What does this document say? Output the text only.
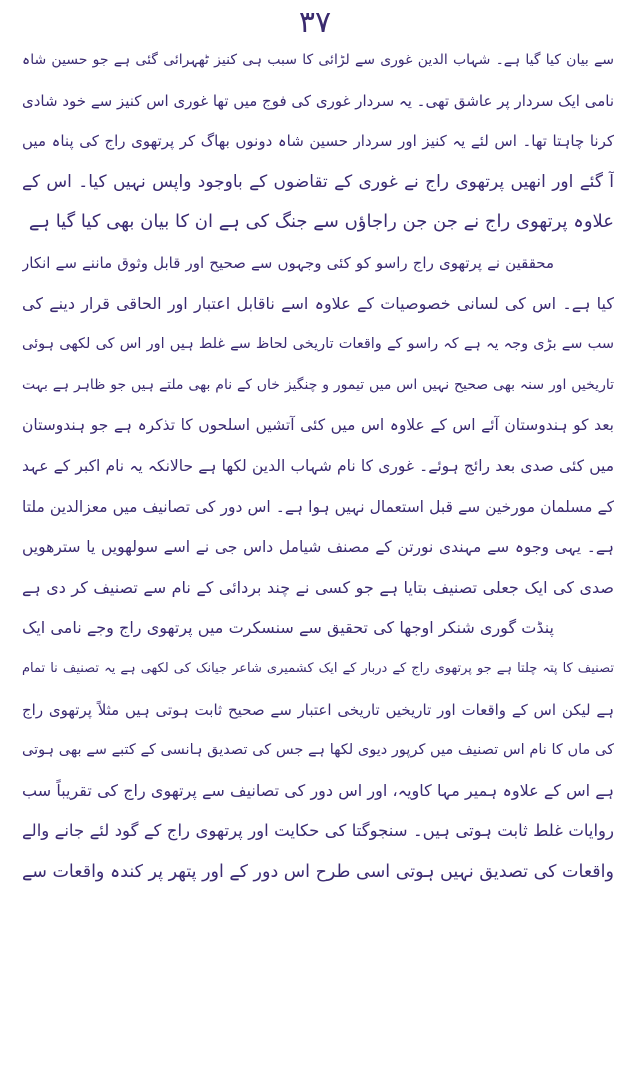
۳۷
سے بیان کیا گیا ہے۔ شہاب الدین غوری سے لڑائی کا سبب ہی کنیز ٹھہرائی گئی ہے جو حسین شاہ
نامی ایک سردار پر عاشق تھی۔ یہ سردار غوری کی فوج میں تھا غوری اس کنیز سے خود شادی
کرنا چاہتا تھا۔ اس لئے یہ کنیز اور سردار حسین شاہ دونوں بھاگ کر پرتھوی راج کی پناہ میں
آ گئے اور انھیں پرتھوی راج نے غوری کے تقاضوں کے باوجود واپس نہیں کیا۔ اس کے
علاوہ پرتھوی راج نے جن جن راجاؤں سے جنگ کی ہے ان کا بیان بھی کیا گیا ہے
محققین نے پرتھوی راج راسو کو کئی وجہوں سے صحیح اور قابل وثوق ماننے سے انکار
کیا ہے۔ اس کی لسانی خصوصیات کے علاوہ اسے ناقابل اعتبار اور الحاقی قرار دینے کی
سب سے بڑی وجہ یہ ہے کہ راسو کے واقعات تاریخی لحاظ سے غلط ہیں اور اس کی لکھی ہوئی
تاریخیں اور سنہ بھی صحیح نہیں اس میں تیمور و چنگیز خاں کے نام بھی ملتے ہیں جو ظاہر ہے بہت
بعد کو ہندوستان آئے اس کے علاوہ اس میں کئی آتشیں اسلحوں کا تذکرہ ہے جو ہندوستان
میں کئی صدی بعد رائج ہوئے۔ غوری کا نام شہاب الدین لکھا ہے حالانکہ یہ نام اکبر کے عہد
کے مسلمان مورخین سے قبل استعمال نہیں ہوا ہے۔ اس دور کی تصانیف میں معزالدین ملتا
ہے۔ یہی وجوہ سے مہندی نورتن کے مصنف شیامل داس جی نے اسے سولھویں یا سترھویں
صدی کی ایک جعلی تصنیف بتایا ہے جو کسی نے چند بردائی کے نام سے تصنیف کر دی ہے
پنڈت گوری شنکر اوجھا کی تحقیق سے سنسکرت میں پرتھوی راج وجے نامی ایک
تصنیف کا پتہ چلتا ہے جو پرتھوی راج کے دربار کے ایک کشمیری شاعر جیانک کی لکھی ہے یہ تصنیف نا تمام
ہے لیکن اس کے واقعات اور تاریخیں تاریخی اعتبار سے صحیح ثابت ہوتی ہیں مثلاً پرتھوی راج
کی ماں کا نام اس تصنیف میں کرپور دیوی لکھا ہے جس کی تصدیق ہانسی کے کتبے سے بھی ہوتی
ہے اس کے علاوہ ہمیر مہا کاویہ، اور اس دور کی تصانیف سے پرتھوی راج کی تقریباً سب
روایات غلط ثابت ہوتی ہیں۔ سنجوگتا کی حکایت اور پرتھوی راج کے گود لئے جانے والے
واقعات کی تصدیق نہیں ہوتی اسی طرح اس دور کے اور پتھر پر کندہ واقعات سے
